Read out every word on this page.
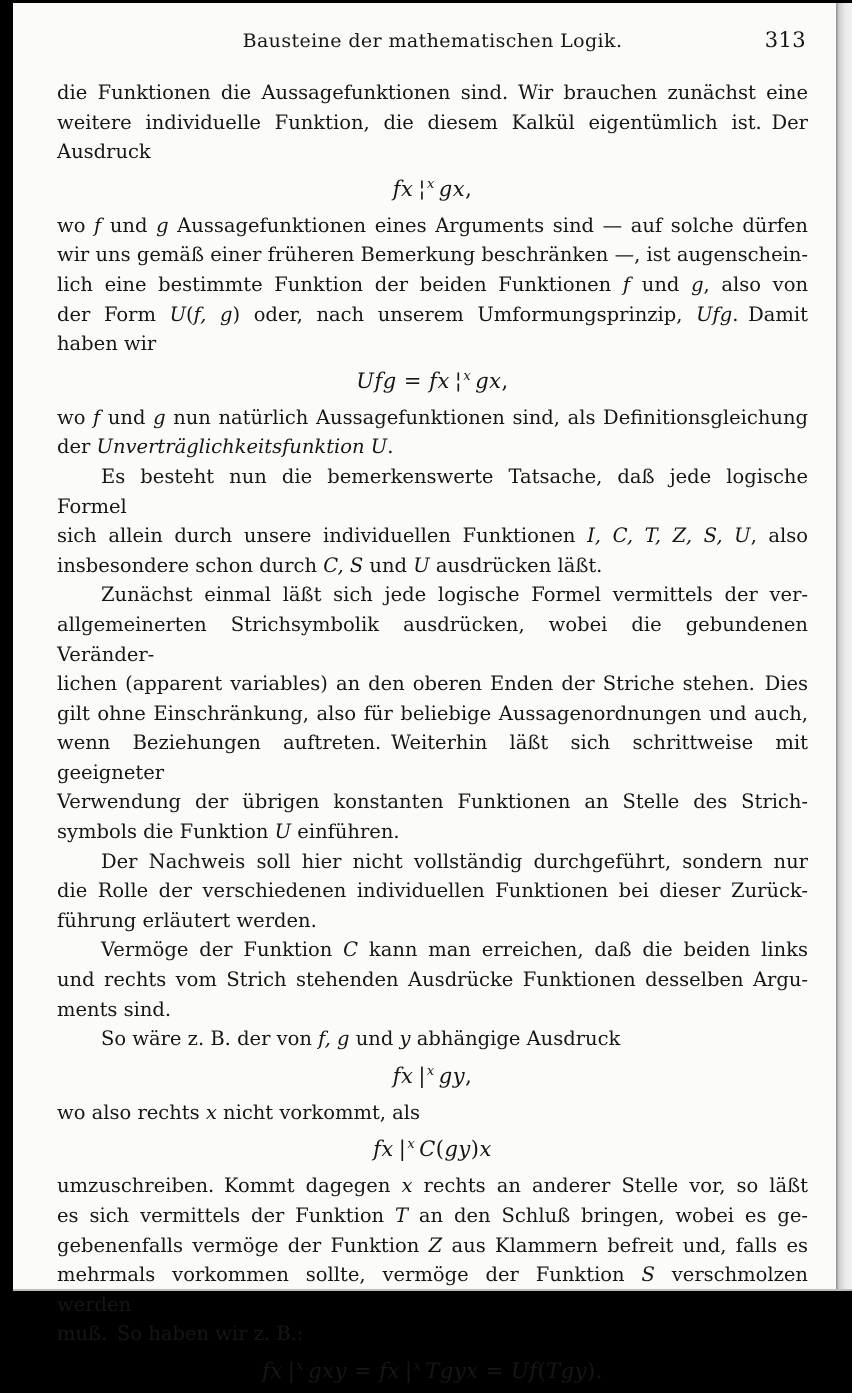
Bausteine der mathematischen Logik.	313
die Funktionen die Aussagefunktionen sind. Wir brauchen zunächst eine
weitere individuelle Funktion, die diesem Kalkül eigentümlich ist. Der
Ausdruck
fx ¦$^x$ gx,
wo f und g Aussagefunktionen eines Arguments sind — auf solche dürfen
wir uns gemäß einer früheren Bemerkung beschränken —, ist augenschein-
lich eine bestimmte Funktion der beiden Funktionen f und g, also von
der Form U(f, g) oder, nach unserem Umformungsprinzip, Ufg. Damit
haben wir
Ufg = fx ¦$^x$ gx,
wo f und g nun natürlich Aussagefunktionen sind, als Definitionsgleichung
der Unverträglichkeitsfunktion U.
Es besteht nun die bemerkenswerte Tatsache, daß jede logische Formel
sich allein durch unsere individuellen Funktionen I, C, T, Z, S, U, also
insbesondere schon durch C, S und U ausdrücken läßt.
Zunächst einmal läßt sich jede logische Formel vermittels der ver-
allgemeinerten Strichsymbolik ausdrücken, wobei die gebundenen Veränder-
lichen (apparent variables) an den oberen Enden der Striche stehen. Dies
gilt ohne Einschränkung, also für beliebige Aussagenordnungen und auch,
wenn Beziehungen auftreten. Weiterhin läßt sich schrittweise mit geeigneter
Verwendung der übrigen konstanten Funktionen an Stelle des Strich-
symbols die Funktion U einführen.
Der Nachweis soll hier nicht vollständig durchgeführt, sondern nur
die Rolle der verschiedenen individuellen Funktionen bei dieser Zurück-
führung erläutert werden.
Vermöge der Funktion C kann man erreichen, daß die beiden links
und rechts vom Strich stehenden Ausdrücke Funktionen desselben Argu-
ments sind.
So wäre z. B. der von f, g und y abhängige Ausdruck
fx $|^x$ gy,
wo also rechts x nicht vorkommt, als
fx $|^x$ C(gy)x
umzuschreiben. Kommt dagegen x rechts an anderer Stelle vor, so läßt
es sich vermittels der Funktion T an den Schluß bringen, wobei es ge-
gebenenfalls vermöge der Funktion Z aus Klammern befreit und, falls es
mehrmals vorkommen sollte, vermöge der Funktion S verschmolzen werden
muß. So haben wir z. B.:
fx $|^x$ gxy = fx $|^x$ Tgyx = Uf(Tgy).
